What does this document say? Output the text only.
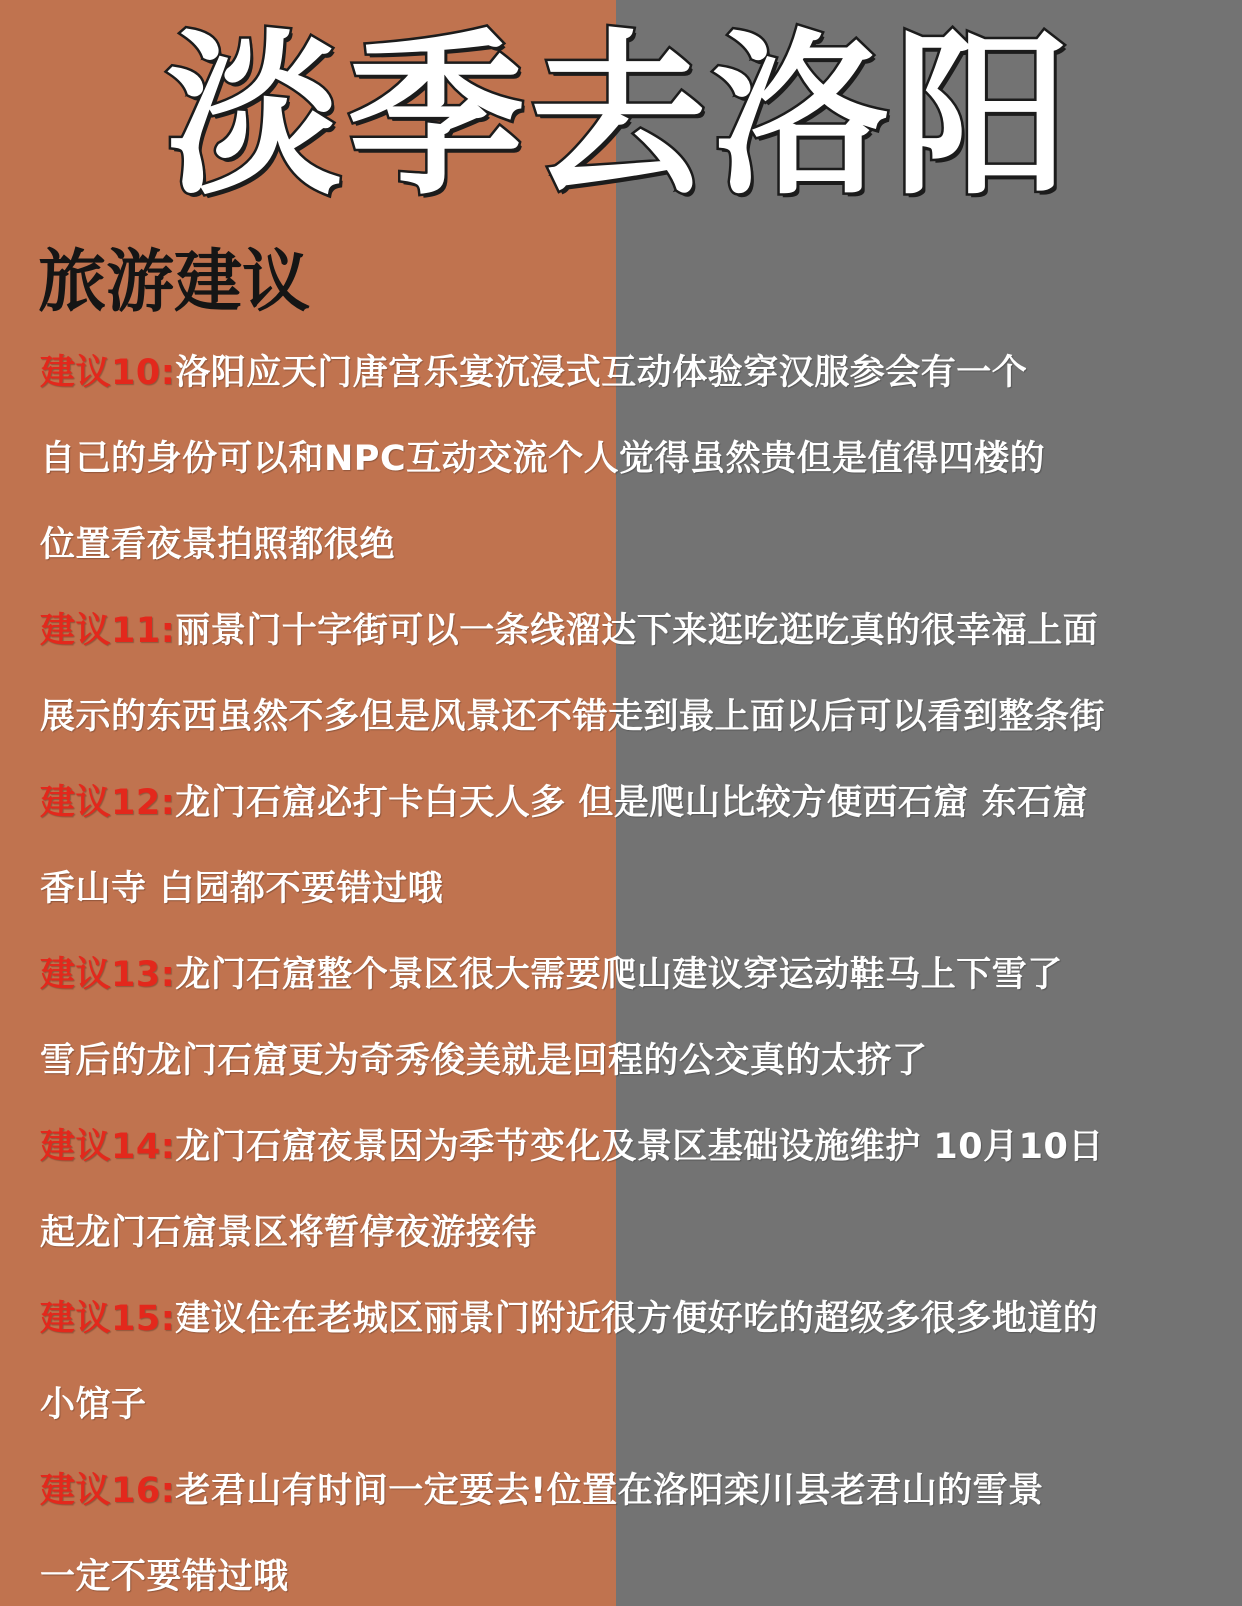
淡季去洛阳
旅游建议
建议10:洛阳应天门唐宫乐宴沉浸式互动体验穿汉服参会有一个
自己的身份可以和NPC互动交流个人觉得虽然贵但是值得四楼的
位置看夜景拍照都很绝
建议11:丽景门十字街可以一条线溜达下来逛吃逛吃真的很幸福上面
展示的东西虽然不多但是风景还不错走到最上面以后可以看到整条街
建议12:龙门石窟必打卡白天人多 但是爬山比较方便西石窟 东石窟
香山寺 白园都不要错过哦
建议13:龙门石窟整个景区很大需要爬山建议穿运动鞋马上下雪了
雪后的龙门石窟更为奇秀俊美就是回程的公交真的太挤了
建议14:龙门石窟夜景因为季节变化及景区基础设施维护 10月10日
起龙门石窟景区将暂停夜游接待
建议15:建议住在老城区丽景门附近很方便好吃的超级多很多地道的
小馆子
建议16:老君山有时间一定要去!位置在洛阳栾川县老君山的雪景
一定不要错过哦
